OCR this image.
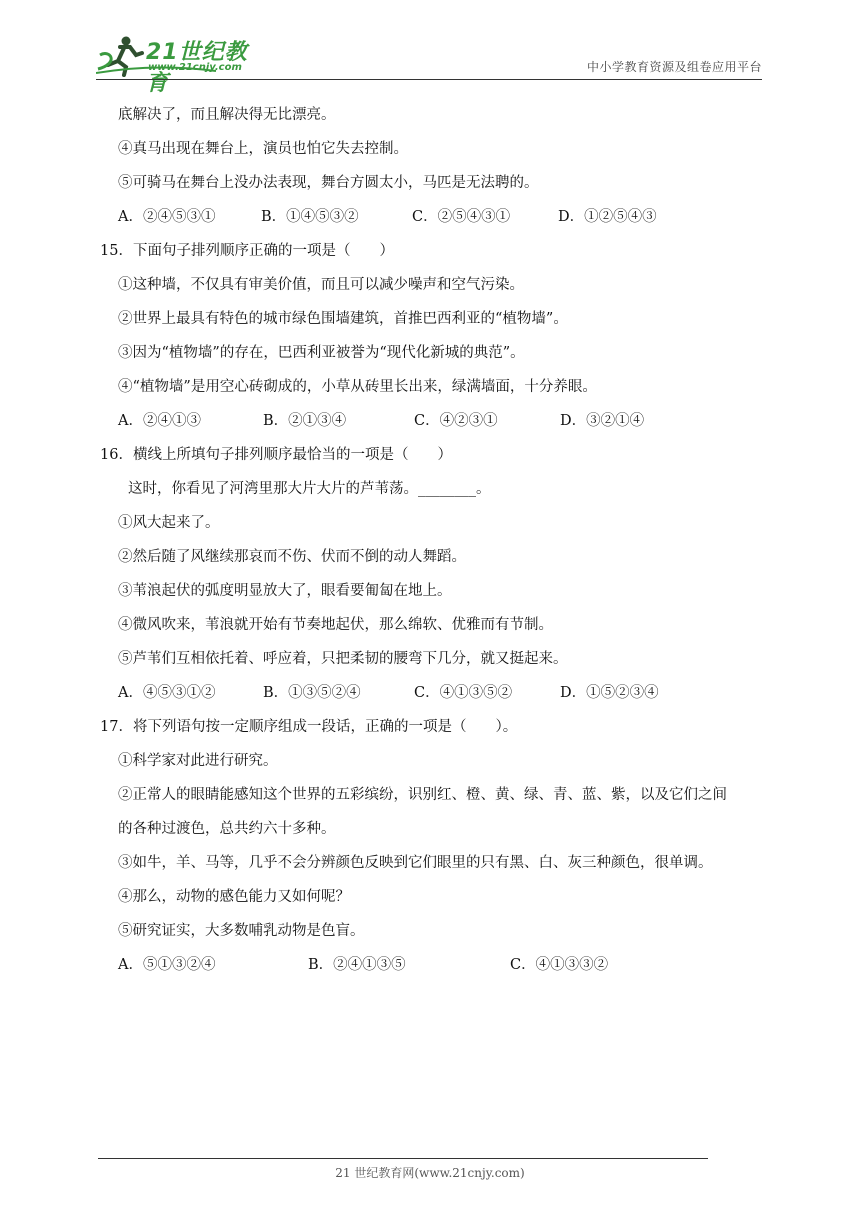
21世纪教育
www.21cnjy.com	中小学教育资源及组卷应用平台
底解决了，而且解决得无比漂亮。
④真马出现在舞台上，演员也怕它失去控制。
⑤可骑马在舞台上没办法表现，舞台方圆太小，马匹是无法聘的。
A．②④⑤③①	B．①④⑤③②	C．②⑤④③①	D．①②⑤④③
15．下面句子排列顺序正确的一项是（　　）
①这种墙，不仅具有审美价值，而且可以减少噪声和空气污染。
②世界上最具有特色的城市绿色围墙建筑，首推巴西利亚的“植物墙”。
③因为“植物墙”的存在，巴西利亚被誉为“现代化新城的典范”。
④“植物墙”是用空心砖砌成的，小草从砖里长出来，绿满墙面，十分养眼。
A．②④①③	B．②①③④	C．④②③①	D．③②①④
16．横线上所填句子排列顺序最恰当的一项是（　　）
这时，你看见了河湾里那大片大片的芦苇荡。________。
①风大起来了。
②然后随了风继续那哀而不伤、伏而不倒的动人舞蹈。
③苇浪起伏的弧度明显放大了，眼看要匍匐在地上。
④微风吹来，苇浪就开始有节奏地起伏，那么绵软、优雅而有节制。
⑤芦苇们互相依托着、呼应着，只把柔韧的腰弯下几分，就又挺起来。
A．④⑤③①②	B．①③⑤②④	C．④①③⑤②	D．①⑤②③④
17．将下列语句按一定顺序组成一段话，正确的一项是（　　）。
①科学家对此进行研究。
②正常人的眼睛能感知这个世界的五彩缤纷，识别红、橙、黄、绿、青、蓝、紫，以及它们之间
的各种过渡色，总共约六十多种。
③如牛，羊、马等，几乎不会分辨颜色反映到它们眼里的只有黑、白、灰三种颜色，很单调。
④那么，动物的感色能力又如何呢？
⑤研究证实，大多数哺乳动物是色盲。
A．⑤①③②④	B．②④①③⑤	C．④①③③②
21 世纪教育网(www.21cnjy.com)
